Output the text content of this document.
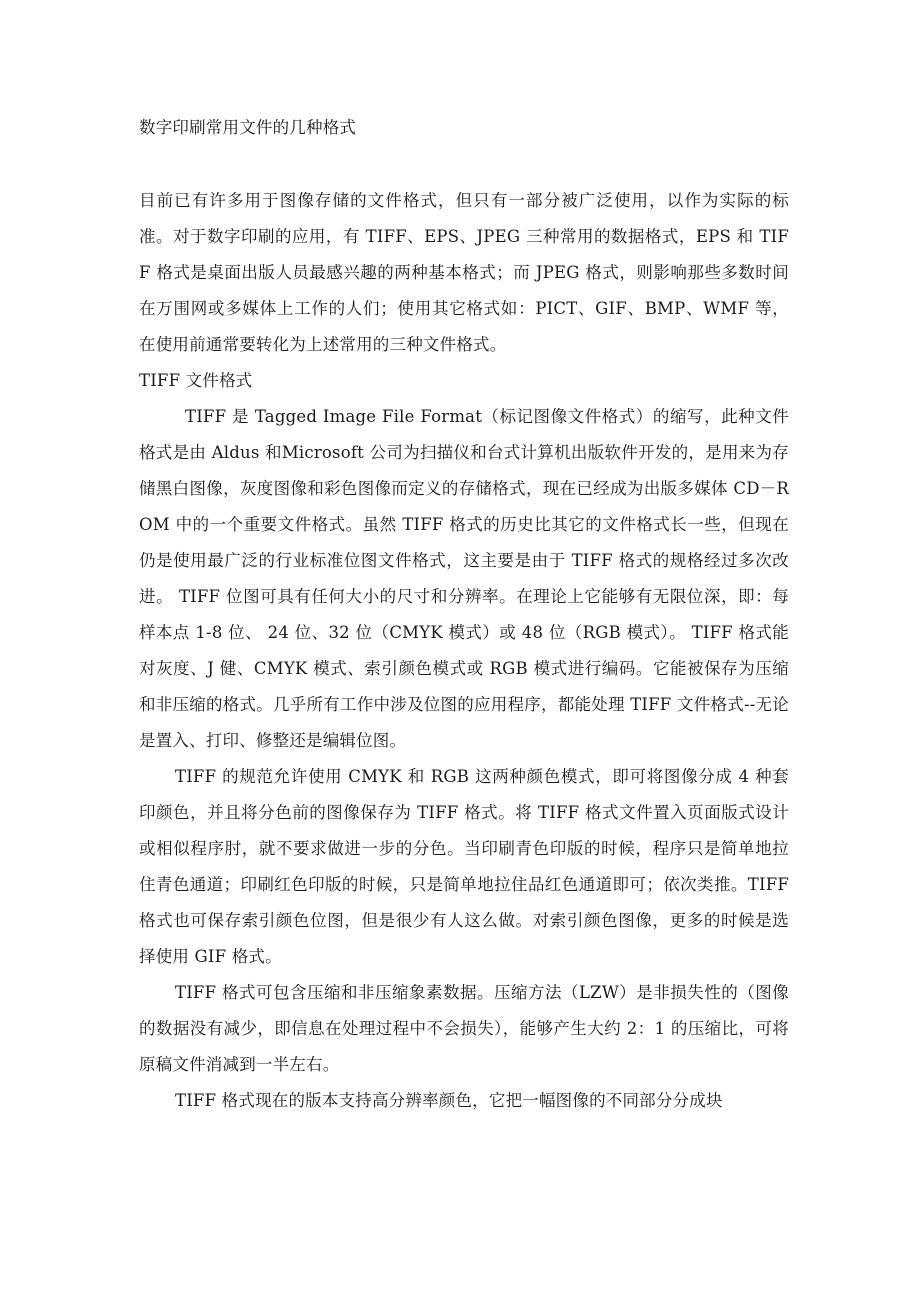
数字印刷常用文件的几种格式

目前已有许多用于图像存储的文件格式，但只有一部分被广泛使用，以作为实际的标准。对于数字印刷的应用，有 TIFF、EPS、JPEG 三种常用的数据格式，EPS 和 TIFF 格式是桌面出版人员最感兴趣的两种基本格式；而 JPEG 格式，则影响那些多数时间在万围网或多媒体上工作的人们；使用其它格式如：PICT、GIF、BMP、WMF 等，在使用前通常要转化为上述常用的三种文件格式。

TIFF 文件格式

TIFF 是 Tagged Image File Format（标记图像文件格式）的缩写，此种文件格式是由 Aldus 和Microsoft 公司为扫描仪和台式计算机出版软件开发的，是用来为存储黑白图像，灰度图像和彩色图像而定义的存储格式，现在已经成为出版多媒体 CD－ROM 中的一个重要文件格式。虽然 TIFF 格式的历史比其它的文件格式长一些，但现在仍是使用最广泛的行业标准位图文件格式，这主要是由于 TIFF 格式的规格经过多次改进。 TIFF 位图可具有任何大小的尺寸和分辨率。在理论上它能够有无限位深，即：每样本点 1-8 位、 24 位、32 位（CMYK 模式）或 48 位（RGB 模式）。 TIFF 格式能对灰度、J 健、CMYK 模式、索引颜色模式或 RGB 模式进行编码。它能被保存为压缩和非压缩的格式。几乎所有工作中涉及位图的应用程序，都能处理 TIFF 文件格式--无论是置入、打印、修整还是编辑位图。

TIFF 的规范允许使用 CMYK 和 RGB 这两种颜色模式，即可将图像分成 4 种套印颜色，并且将分色前的图像保存为 TIFF 格式。将 TIFF 格式文件置入页面版式设计或相似程序肘，就不要求做进一步的分色。当印刷青色印版的时候，程序只是简单地拉住青色通道；印刷红色印版的时候，只是简单地拉住品红色通道即可；依次类推。TIFF 格式也可保存索引颜色位图，但是很少有人这么做。对索引颜色图像，更多的时候是选择使用 GIF 格式。

TIFF 格式可包含压缩和非压缩象素数据。压缩方法（LZW）是非损失性的（图像的数据没有减少，即信息在处理过程中不会损失），能够产生大约 2：1 的压缩比，可将原稿文件消减到一半左右。

TIFF 格式现在的版本支持高分辨率颜色，它把一幅图像的不同部分分成块
